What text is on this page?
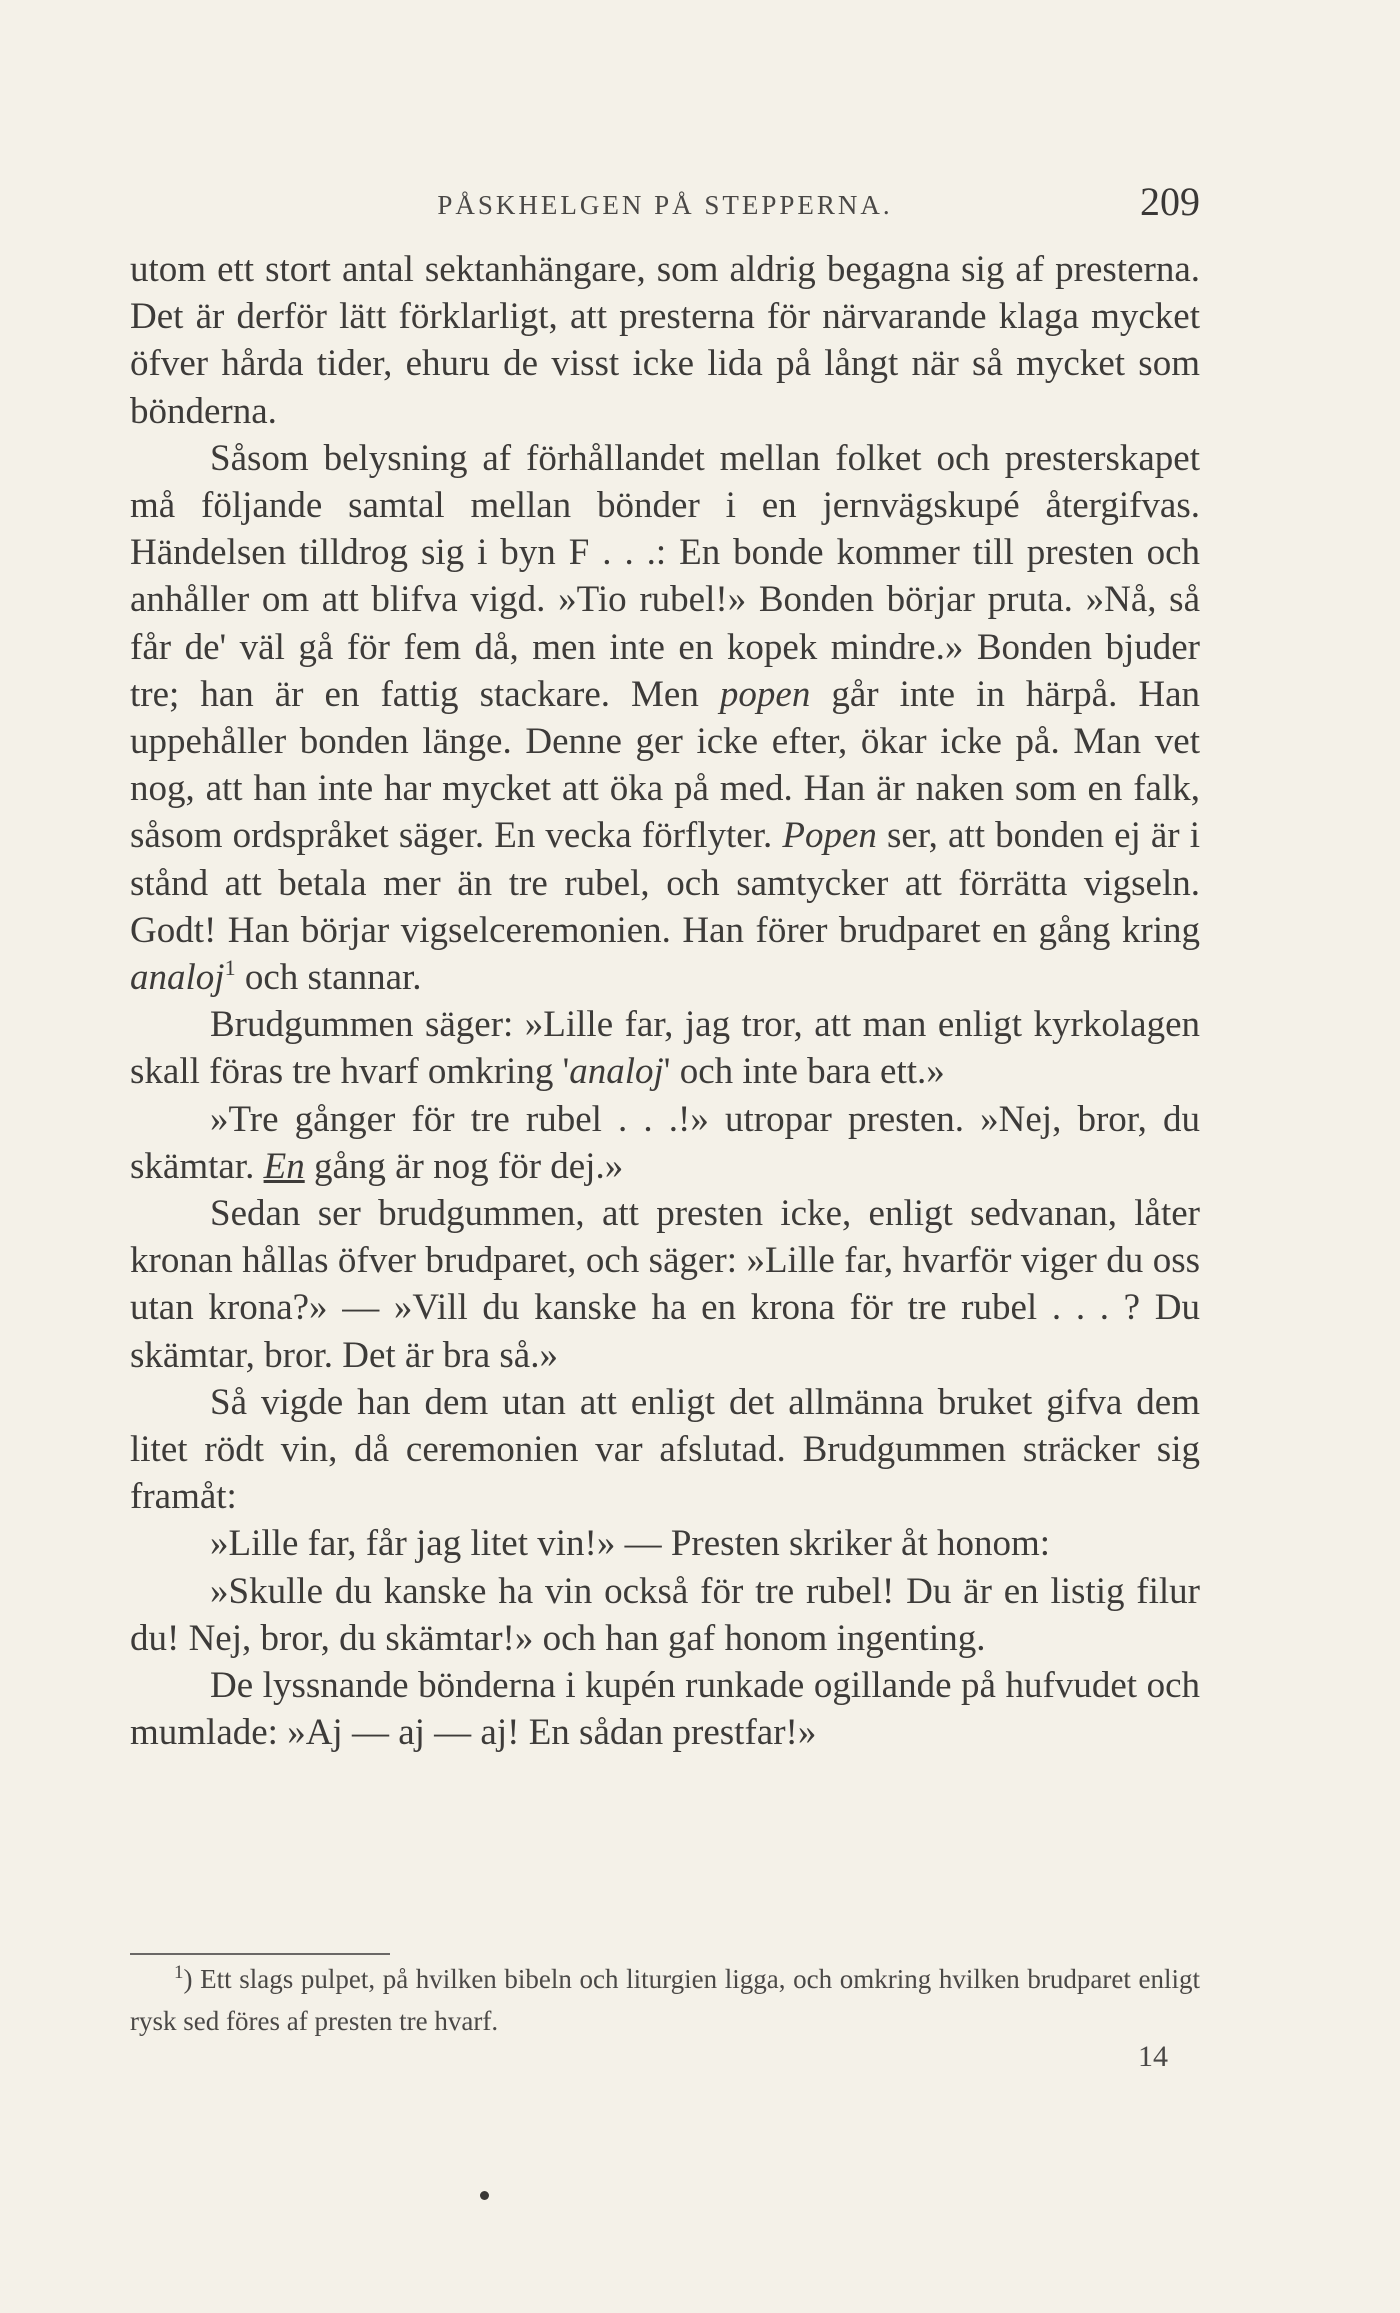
PÅSKHELGEN PÅ STEPPERNA.	209

utom ett stort antal sektanhängare, som aldrig begagna sig af presterna. Det är derför lätt förklarligt, att presterna för närvarande klaga mycket öfver hårda tider, ehuru de visst icke lida på långt när så mycket som bönderna.

Såsom belysning af förhållandet mellan folket och presterskapet må följande samtal mellan bönder i en jernvägskupé återgifvas. Händelsen tilldrog sig i byn F . . .: En bonde kommer till presten och anhåller om att blifva vigd. »Tio rubel!» Bonden börjar pruta. »Nå, så får de' väl gå för fem då, men inte en kopek mindre.» Bonden bjuder tre; han är en fattig stackare. Men popen går inte in härpå. Han uppehåller bonden länge. Denne ger icke efter, ökar icke på. Man vet nog, att han inte har mycket att öka på med. Han är naken som en falk, såsom ordspråket säger. En vecka förflyter. Popen ser, att bonden ej är i stånd att betala mer än tre rubel, och samtycker att förrätta vigseln. Godt! Han börjar vigselceremonien. Han förer brudparet en gång kring analoj$^1$ och stannar.

Brudgummen säger: »Lille far, jag tror, att man enligt kyrkolagen skall föras tre hvarf omkring 'analoj' och inte bara ett.»

»Tre gånger för tre rubel . . .!» utropar presten. »Nej, bror, du skämtar. En gång är nog för dej.»

Sedan ser brudgummen, att presten icke, enligt sedvanan, låter kronan hållas öfver brudparet, och säger: »Lille far, hvarför viger du oss utan krona?» — »Vill du kanske ha en krona för tre rubel . . . ? Du skämtar, bror. Det är bra så.»

Så vigde han dem utan att enligt det allmänna bruket gifva dem litet rödt vin, då ceremonien var afslutad. Brudgummen sträcker sig framåt:

»Lille far, får jag litet vin!» — Presten skriker åt honom:

»Skulle du kanske ha vin också för tre rubel! Du är en listig filur du! Nej, bror, du skämtar!» och han gaf honom ingenting.

De lyssnande bönderna i kupén runkade ogillande på hufvudet och mumlade: »Aj — aj — aj! En sådan prestfar!»

$^1$) Ett slags pulpet, på hvilken bibeln och liturgien ligga, och omkring hvilken brudparet enligt rysk sed föres af presten tre hvarf.
14
